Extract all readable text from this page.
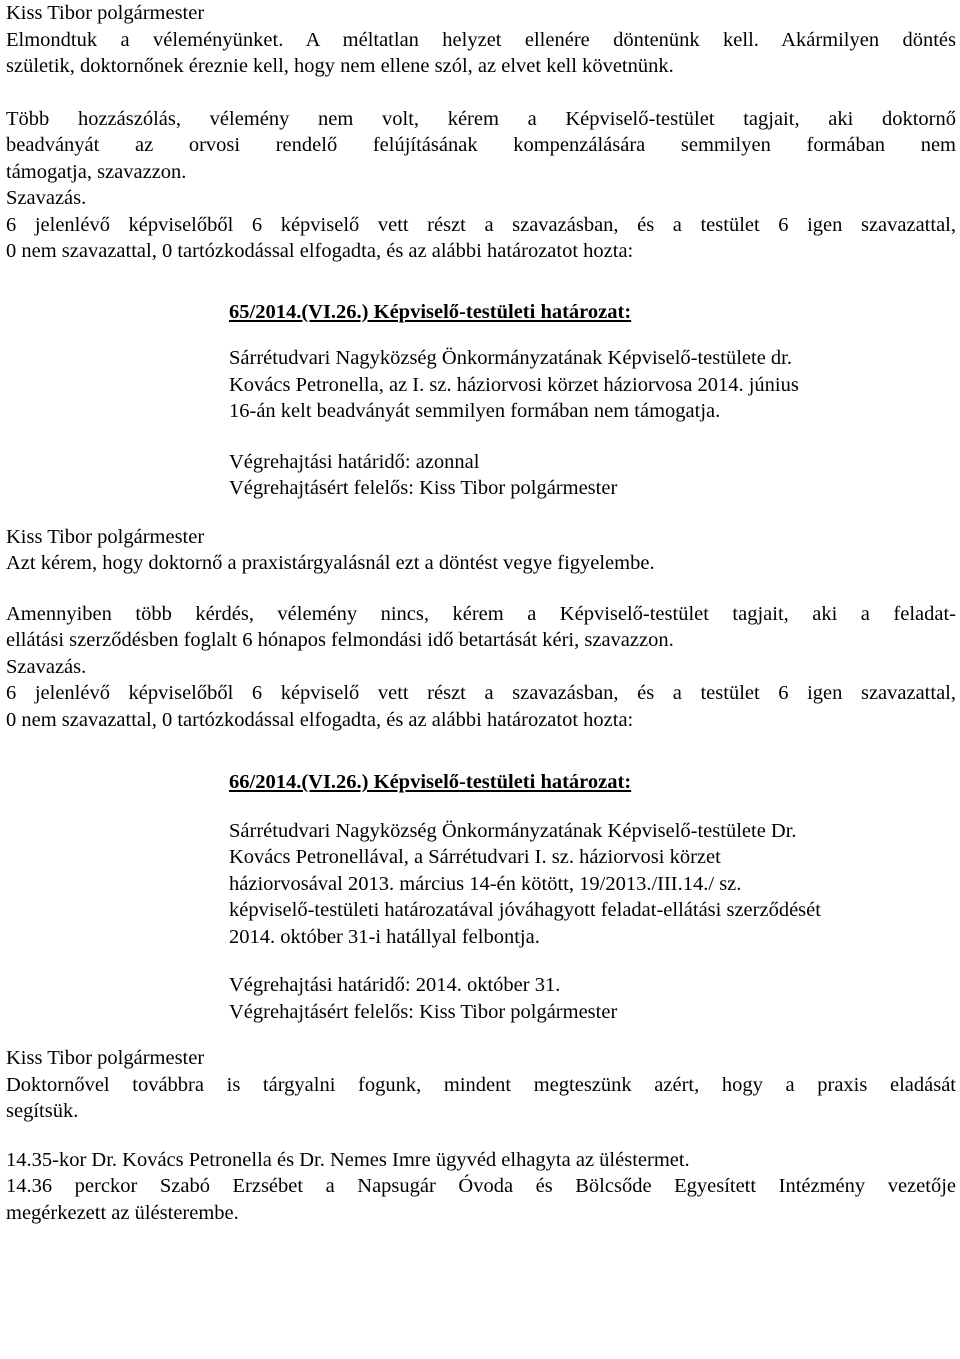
Kiss Tibor polgármester
Elmondtuk a véleményünket. A méltatlan helyzet ellenére döntenünk kell. Akármilyen döntés
születik, doktornőnek éreznie kell, hogy nem ellene szól, az elvet kell követnünk.
Több hozzászólás, vélemény nem volt, kérem a Képviselő-testület tagjait, aki doktornő
beadványát az orvosi rendelő felújításának kompenzálására semmilyen formában nem
támogatja, szavazzon.
Szavazás.
6 jelenlévő képviselőből 6 képviselő vett részt a szavazásban, és a testület 6 igen szavazattal,
0 nem szavazattal, 0 tartózkodással elfogadta, és az alábbi határozatot hozta:
65/2014.(VI.26.) Képviselő-testületi határozat:
Sárrétudvari Nagyközség Önkormányzatának Képviselő-testülete dr.
Kovács Petronella, az I. sz. háziorvosi körzet háziorvosa 2014. június
16-án kelt beadványát semmilyen formában nem támogatja.
Végrehajtási határidő: azonnal
Végrehajtásért felelős: Kiss Tibor polgármester
Kiss Tibor polgármester
Azt kérem, hogy doktornő a praxistárgyalásnál ezt a döntést vegye figyelembe.
Amennyiben több kérdés, vélemény nincs, kérem a Képviselő-testület tagjait, aki a feladat-
ellátási szerződésben foglalt 6 hónapos felmondási idő betartását kéri, szavazzon.
Szavazás.
6 jelenlévő képviselőből 6 képviselő vett részt a szavazásban, és a testület 6 igen szavazattal,
0 nem szavazattal, 0 tartózkodással elfogadta, és az alábbi határozatot hozta:
66/2014.(VI.26.) Képviselő-testületi határozat:
Sárrétudvari Nagyközség Önkormányzatának Képviselő-testülete Dr.
Kovács Petronellával, a Sárrétudvari I. sz. háziorvosi körzet
háziorvosával 2013. március 14-én kötött, 19/2013./III.14./ sz.
képviselő-testületi határozatával jóváhagyott feladat-ellátási szerződését
2014. október 31-i hatállyal felbontja.
Végrehajtási határidő: 2014. október 31.
Végrehajtásért felelős: Kiss Tibor polgármester
Kiss Tibor polgármester
Doktornővel továbbra is tárgyalni fogunk, mindent megteszünk azért, hogy a praxis eladását
segítsük.
14.35-kor Dr. Kovács Petronella és Dr. Nemes Imre ügyvéd elhagyta az üléstermet.
14.36 perckor Szabó Erzsébet a Napsugár Óvoda és Bölcsőde Egyesített Intézmény vezetője
megérkezett az ülésterembe.
